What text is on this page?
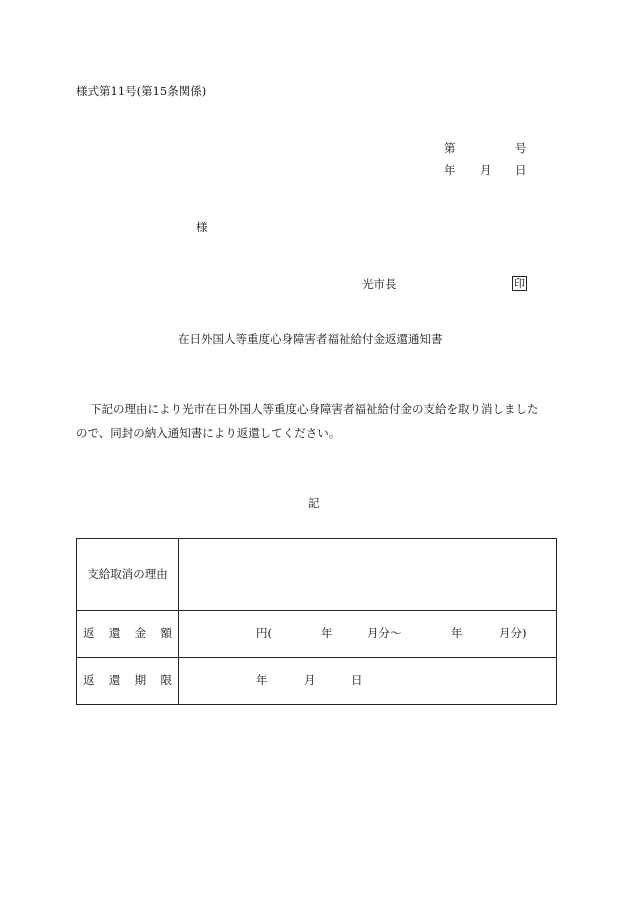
様式第11号(第15条関係)
第	号
年 月 日
様
光市長	印
在日外国人等重度心身障害者福祉給付金返還通知書
下記の理由により光市在日外国人等重度心身障害者福祉給付金の支給を取り消しました
ので、同封の納入通知書により返還してください。
記
支給取消の理由	

返 還 金 額	円( 年 月分〜 年 月分)

返 還 期 限	年 月 日
